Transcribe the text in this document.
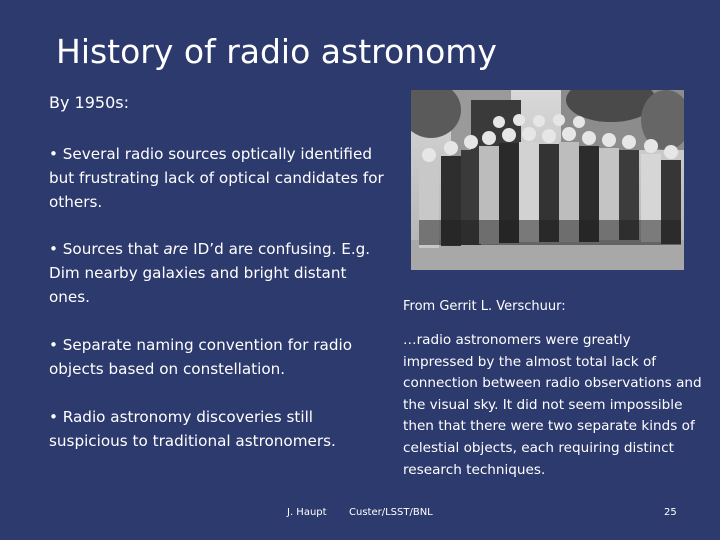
History of radio astronomy
By 1950s:
• Several radio sources optically identified but frustrating lack of optical candidates for others.
• Sources that are ID’d are confusing. E.g. Dim nearby galaxies and bright distant ones.
• Separate naming convention for radio objects based on constellation.
• Radio astronomy discoveries still suspicious to traditional astronomers.
From Gerrit L. Verschuur:
…radio astronomers were greatly impressed by the almost total lack of connection between radio observations and the visual sky. It did not seem impossible then that there were two separate kinds of celestial objects, each requiring distinct research techniques.
J. Haupt Custer/LSST/BNL	25
